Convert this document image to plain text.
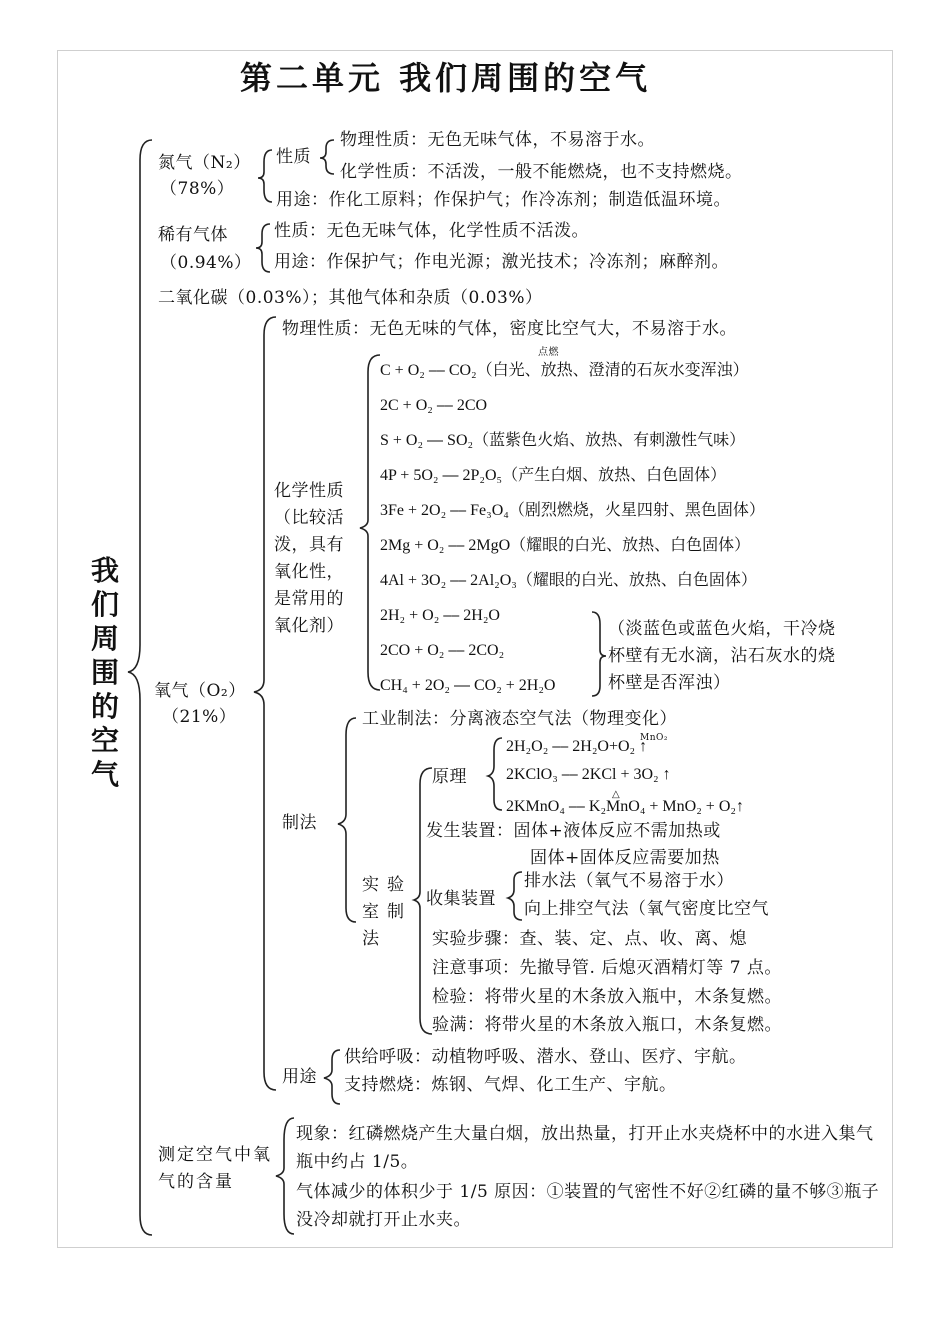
第二单元 我们周围的空气
我们周围的空气
氮气（N₂）
（78%）
性质
物理性质：无色无味气体，不易溶于水。
化学性质：不活泼，一般不能燃烧，也不支持燃烧。
用途：作化工原料；作保护气；作冷冻剂；制造低温环境。
稀有气体
（0.94%）
性质：无色无味气体，化学性质不活泼。
用途：作保护气；作电光源；激光技术；冷冻剂；麻醉剂。
二氧化碳（0.03%）；其他气体和杂质（0.03%）
氧气（O₂）
（21%）
物理性质：无色无味的气体，密度比空气大，不易溶于水。
化学性质（比较活泼，具有氧化性，是常用的氧化剂）
C + O₂ ⎯⎯ CO₂（白光、放热、澄清的石灰水变浑浊）
2C + O₂ ⎯⎯ 2CO
S + O₂ ⎯⎯ SO₂（蓝紫色火焰、放热、有刺激性气味）
4P + 5O₂ ⎯⎯ 2P₂O₅（产生白烟、放热、白色固体）
3Fe + 2O₂ ⎯⎯ Fe₃O₄（剧烈燃烧，火星四射、黑色固体）
2Mg + O₂ ⎯⎯ 2MgO（耀眼的白光、放热、白色固体）
4Al + 3O₂ ⎯⎯ 2Al₂O₃（耀眼的白光、放热、白色固体）
2H₂ + O₂ ⎯⎯ 2H₂O
2CO + O₂ ⎯⎯ 2CO₂
CH₄ + 2O₂ ⎯⎯ CO₂ + 2H₂O
点燃
（淡蓝色或蓝色火焰，干冷烧杯壁有无水滴，沾石灰水的烧杯壁是否浑浊）
制法
工业制法：分离液态空气法（物理变化）
实验室制法
原理
2H₂O₂ ⎯⎯ 2H₂O+O₂ ↑
2KClO₃ ⎯⎯ 2KCl + 3O₂ ↑
2KMnO₄ ⎯⎯ K₂MnO₄ + MnO₂ + O₂↑
MnO₂
△
发生装置：固体+液体反应不需加热或
固体+固体反应需要加热
收集装置
排水法（氧气不易溶于水）
向上排空气法（氧气密度比空气
实验步骤：查、装、定、点、收、离、熄
注意事项：先撤导管. 后熄灭酒精灯等 7 点。
检验：将带火星的木条放入瓶中，木条复燃。
验满：将带火星的木条放入瓶口，木条复燃。
用途
供给呼吸：动植物呼吸、潜水、登山、医疗、宇航。
支持燃烧：炼钢、气焊、化工生产、宇航。
测定空气中氧气的含量
现象：红磷燃烧产生大量白烟，放出热量，打开止水夹烧杯中的水进入集气瓶中约占 1/5。
气体减少的体积少于 1/5 原因：①装置的气密性不好②红磷的量不够③瓶子没冷却就打开止水夹。
